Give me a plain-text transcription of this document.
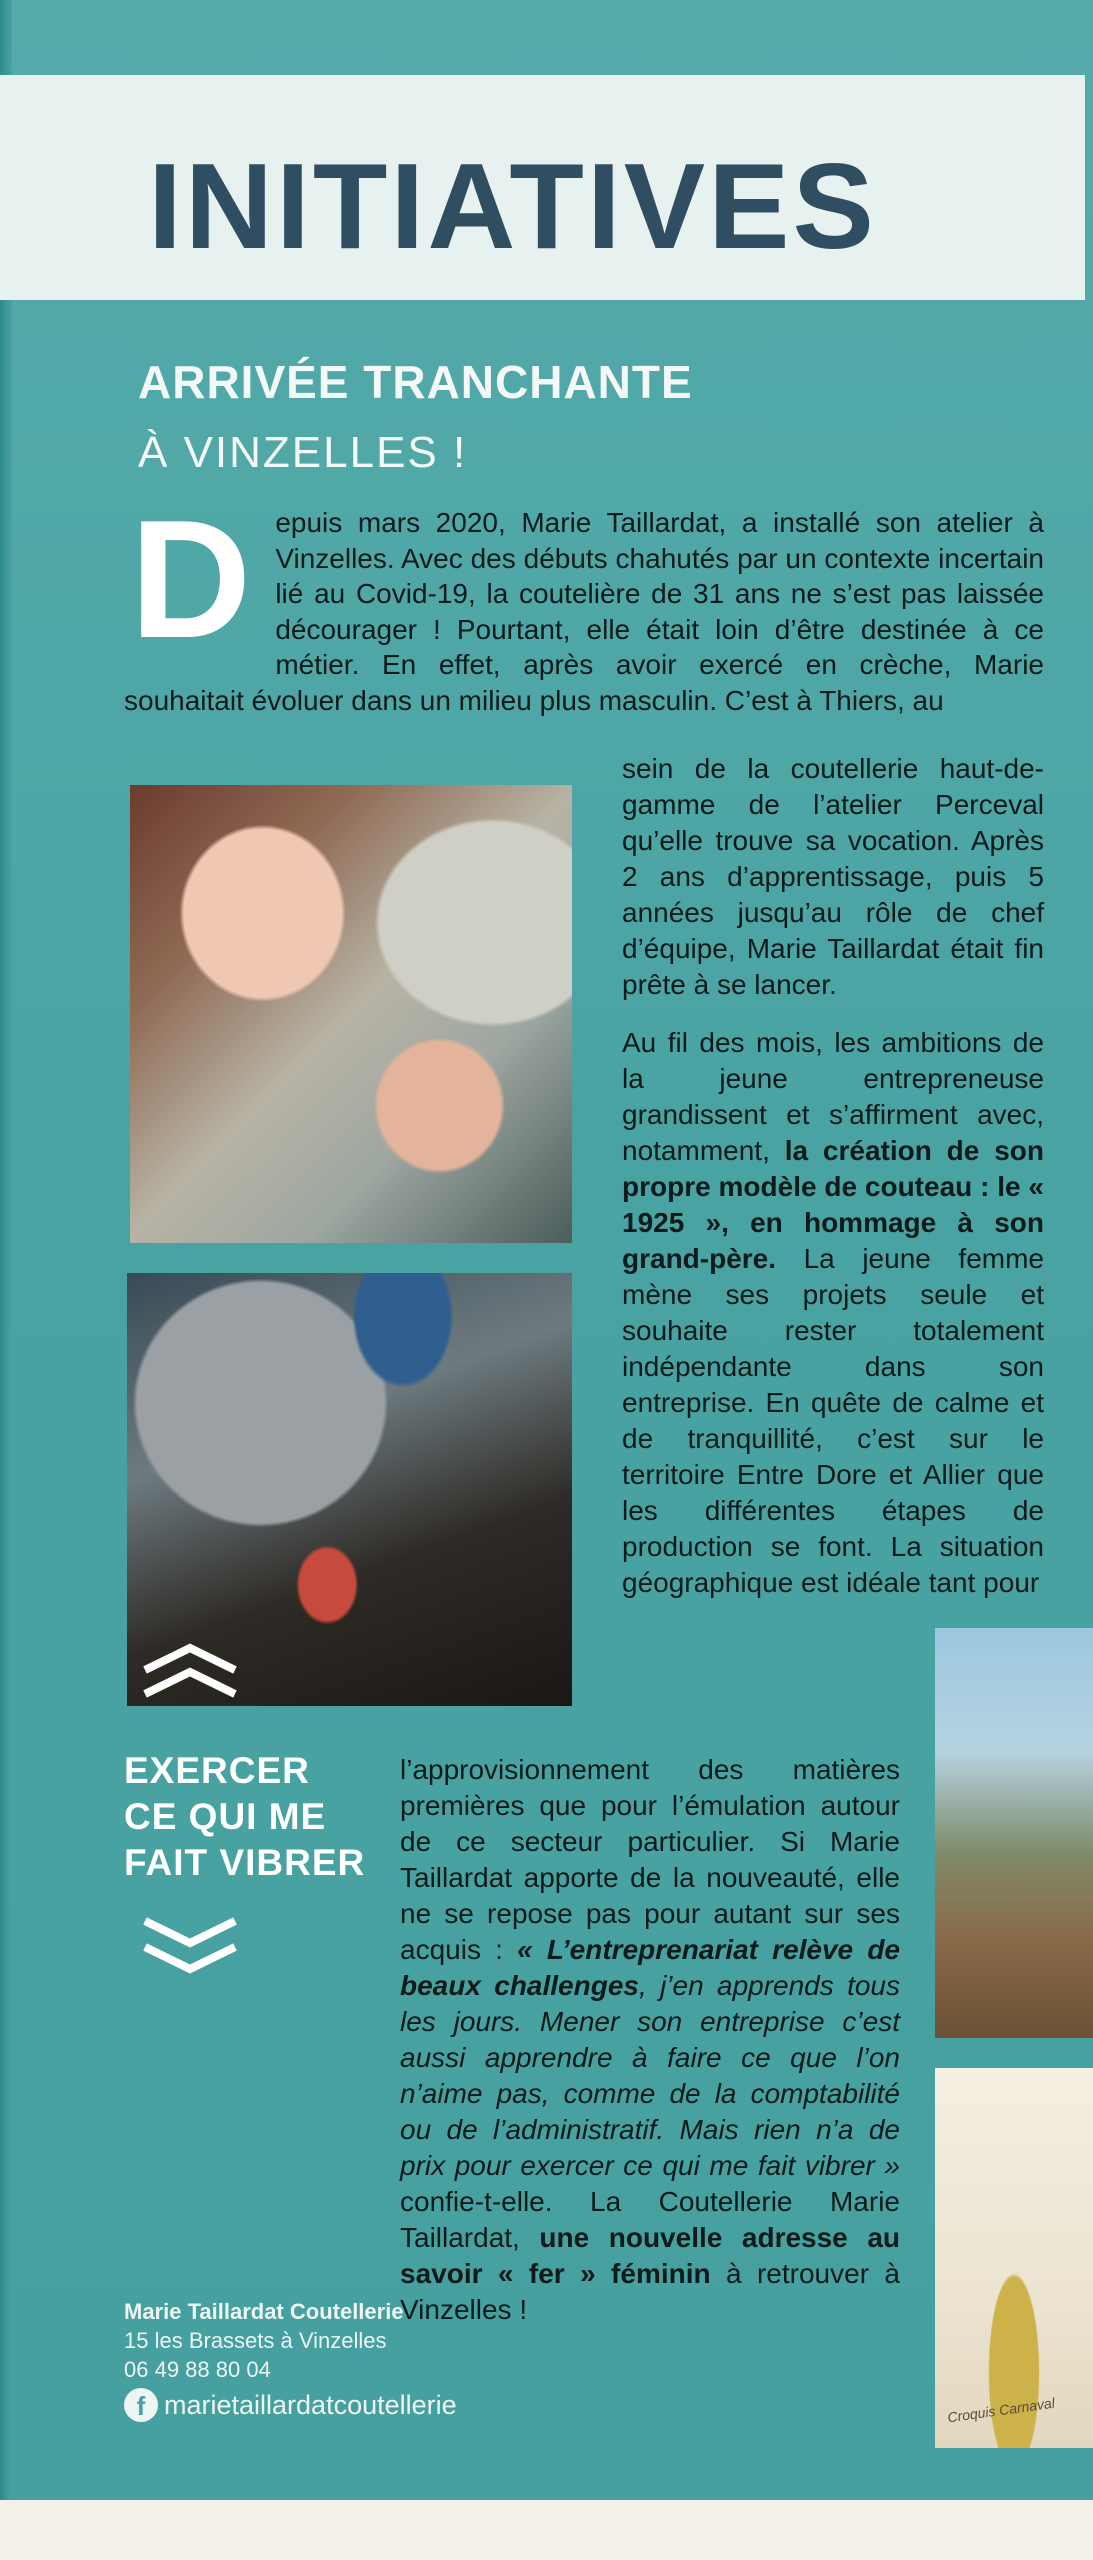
INITIATIVES
ARRIVÉE TRANCHANTE
À VINZELLES !
D epuis mars 2020, Marie Taillardat, a installé son atelier à Vinzelles. Avec des débuts chahutés par un contexte incertain lié au Covid-19, la coutelière de 31 ans ne s’est pas laissée décourager ! Pourtant, elle était loin d’être destinée à ce métier. En effet, après avoir exercé en crèche, Marie souhaitait évoluer dans un milieu plus masculin. C’est à Thiers, au

sein de la coutellerie haut-de-gamme de l’atelier Perceval qu’elle trouve sa vocation. Après 2 ans d’apprentissage, puis 5 années jusqu’au rôle de chef d’équipe, Marie Taillardat était fin prête à se lancer.

Au fil des mois, les ambitions de la jeune entrepreneuse grandissent et s’affirment avec, notamment, la création de son propre modèle de couteau : le « 1925 », en hommage à son grand-père. La jeune femme mène ses projets seule et souhaite rester totalement indépendante dans son entreprise. En quête de calme et de tranquillité, c’est sur le territoire Entre Dore et Allier que les différentes étapes de production se font. La situation géographique est idéale tant pour

EXERCER
CE QUI ME
FAIT VIBRER

l’approvisionnement des matières premières que pour l’émulation autour de ce secteur particulier. Si Marie Taillardat apporte de la nouveauté, elle ne se repose pas pour autant sur ses acquis : « L’entreprenariat relève de beaux challenges, j’en apprends tous les jours. Mener son entreprise c’est aussi apprendre à faire ce que l’on n’aime pas, comme de la comptabilité ou de l’administratif. Mais rien n’a de prix pour exercer ce qui me fait vibrer » confie-t-elle. La Coutellerie Marie Taillardat, une nouvelle adresse au savoir « fer » féminin à retrouver à Vinzelles !

Croquis Carnaval
Marie Taillardat Coutellerie
15 les Brassets à Vinzelles
06 49 88 80 04
f marietaillardatcoutellerie
